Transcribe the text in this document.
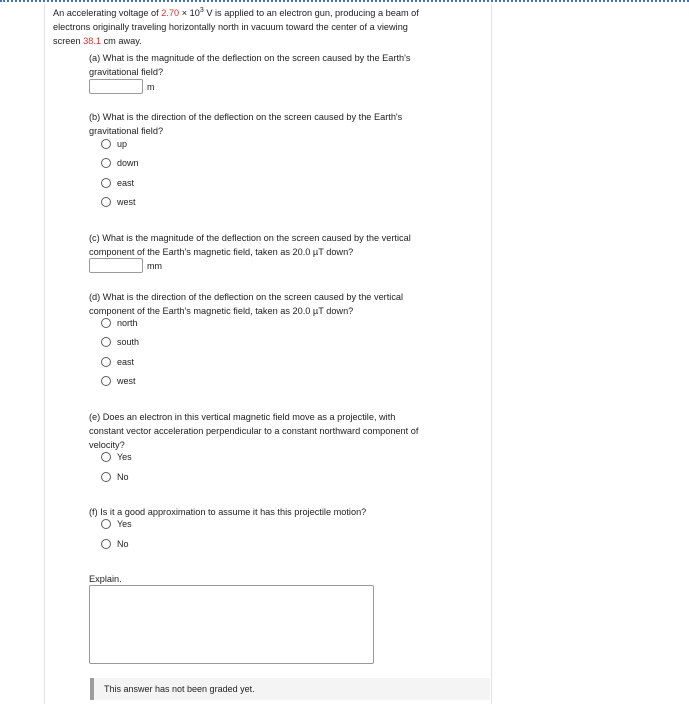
An accelerating voltage of $2.70 \times 10^3$ V is applied to an electron gun, producing a beam of
electrons originally traveling horizontally north in vacuum toward the center of a viewing
screen 38.1 cm away.
(a) What is the magnitude of the deflection on the screen caused by the Earth's
gravitational field?
m
(b) What is the direction of the deflection on the screen caused by the Earth's
gravitational field?
up
down
east
west
(c) What is the magnitude of the deflection on the screen caused by the vertical
component of the Earth's magnetic field, taken as 20.0 µT down?
mm
(d) What is the direction of the deflection on the screen caused by the vertical
component of the Earth's magnetic field, taken as 20.0 µT down?
north
south
east
west
(e) Does an electron in this vertical magnetic field move as a projectile, with
constant vector acceleration perpendicular to a constant northward component of
velocity?
Yes
No
(f) Is it a good approximation to assume it has this projectile motion?
Yes
No
Explain.
This answer has not been graded yet.
